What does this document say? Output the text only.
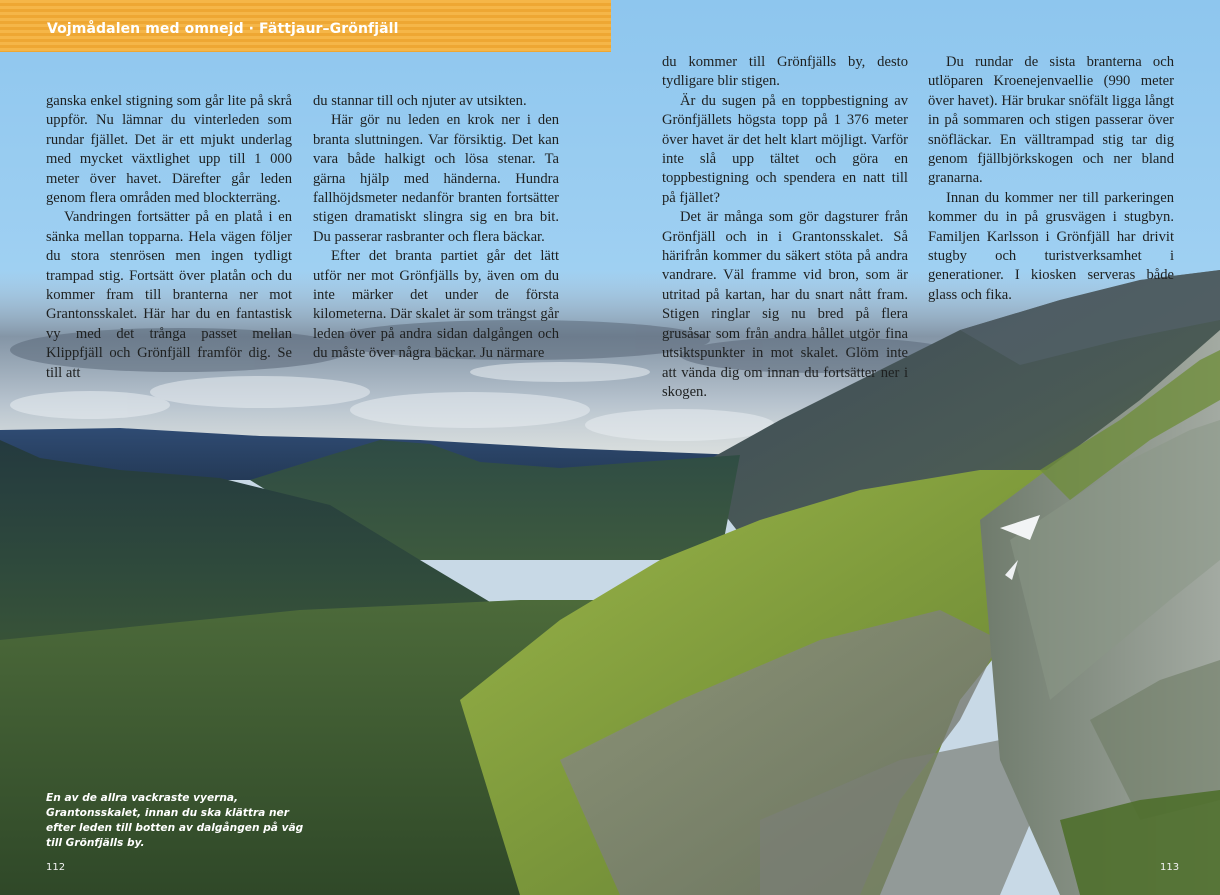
Vojmådalen med omnejd · Fättjaur–Grönfjäll

ganska enkel stigning som går lite på skrå uppför. Nu lämnar du vinterleden som rundar fjället. Det är ett mjukt underlag med mycket växtlighet upp till 1 000 meter över havet. Därefter går leden genom flera områden med blockterräng.

Vandringen fortsätter på en platå i en sänka mellan topparna. Hela vägen följer du stora stenrösen men ingen tydligt trampad stig. Fortsätt över platån och du kommer fram till branterna ner mot Grantonsskalet. Här har du en fantastisk vy med det trånga passet mellan Klippfjäll och Grönfjäll framför dig. Se till att

du stannar till och njuter av utsikten.

Här gör nu leden en krok ner i den branta sluttningen. Var försiktig. Det kan vara både halkigt och lösa stenar. Ta gärna hjälp med händerna. Hundra fallhöjdsmeter nedanför branten fortsätter stigen dramatiskt slingra sig en bra bit. Du passerar rasbranter och flera bäckar.

Efter det branta partiet går det lätt utför ner mot Grönfjälls by, även om du inte märker det under de första kilometerna. Där skalet är som trängst går leden över på andra sidan dalgången och du måste över några bäckar. Ju närmare

du kommer till Grönfjälls by, desto tydligare blir stigen.

Är du sugen på en toppbestigning av Grönfjällets högsta topp på 1 376 meter över havet är det helt klart möjligt. Varför inte slå upp tältet och göra en toppbestigning och spendera en natt till på fjället?

Det är många som gör dagsturer från Grönfjäll och in i Grantonsskalet. Så härifrån kommer du säkert stöta på andra vandrare. Väl framme vid bron, som är utritad på kartan, har du snart nått fram. Stigen ringlar sig nu bred på flera grusåsar som från andra hållet utgör fina utsiktspunkter in mot skalet. Glöm inte att vända dig om innan du fortsätter ner i skogen.

Du rundar de sista branterna och utlöparen Kroenejenvaellie (990 meter över havet). Här brukar snöfält ligga långt in på sommaren och stigen passerar över snöfläckar. En välltrampad stig tar dig genom fjällbjörkskogen och ner bland granarna.

Innan du kommer ner till parkeringen kommer du in på grusvägen i stugbyn. Familjen Karlsson i Grönfjäll har drivit stugby och turistverksamhet i generationer. I kiosken serveras både glass och fika.

En av de allra vackraste vyerna, Grantonsskalet, innan du ska klättra ner efter leden till botten av dalgången på väg till Grönfjälls by.
112	113
